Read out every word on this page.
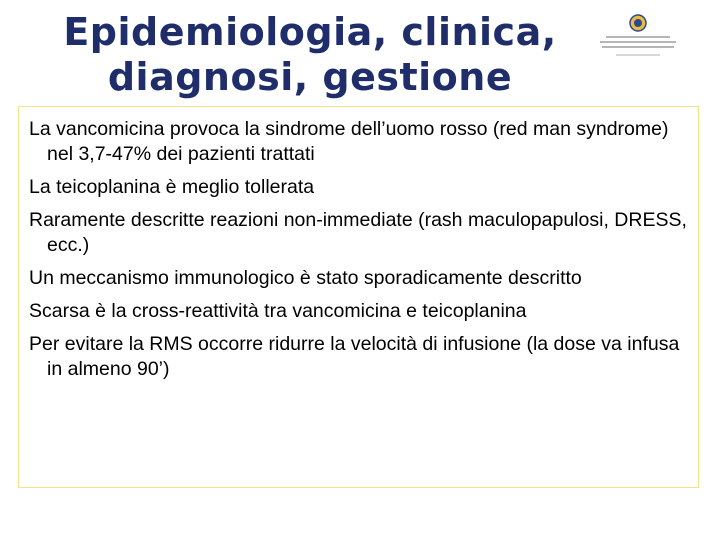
Epidemiologia, clinica,
diagnosi, gestione
La vancomicina provoca la sindrome dell’uomo rosso (red man syndrome) nel 3,7-47% dei pazienti trattati
La teicoplanina è meglio tollerata
Raramente descritte reazioni non-immediate (rash maculopapulosi, DRESS, ecc.)
Un meccanismo immunologico è stato sporadicamente descritto
Scarsa è la cross-reattività tra vancomicina e teicoplanina
Per evitare la RMS occorre ridurre la velocità di infusione (la dose va infusa in almeno 90’)
